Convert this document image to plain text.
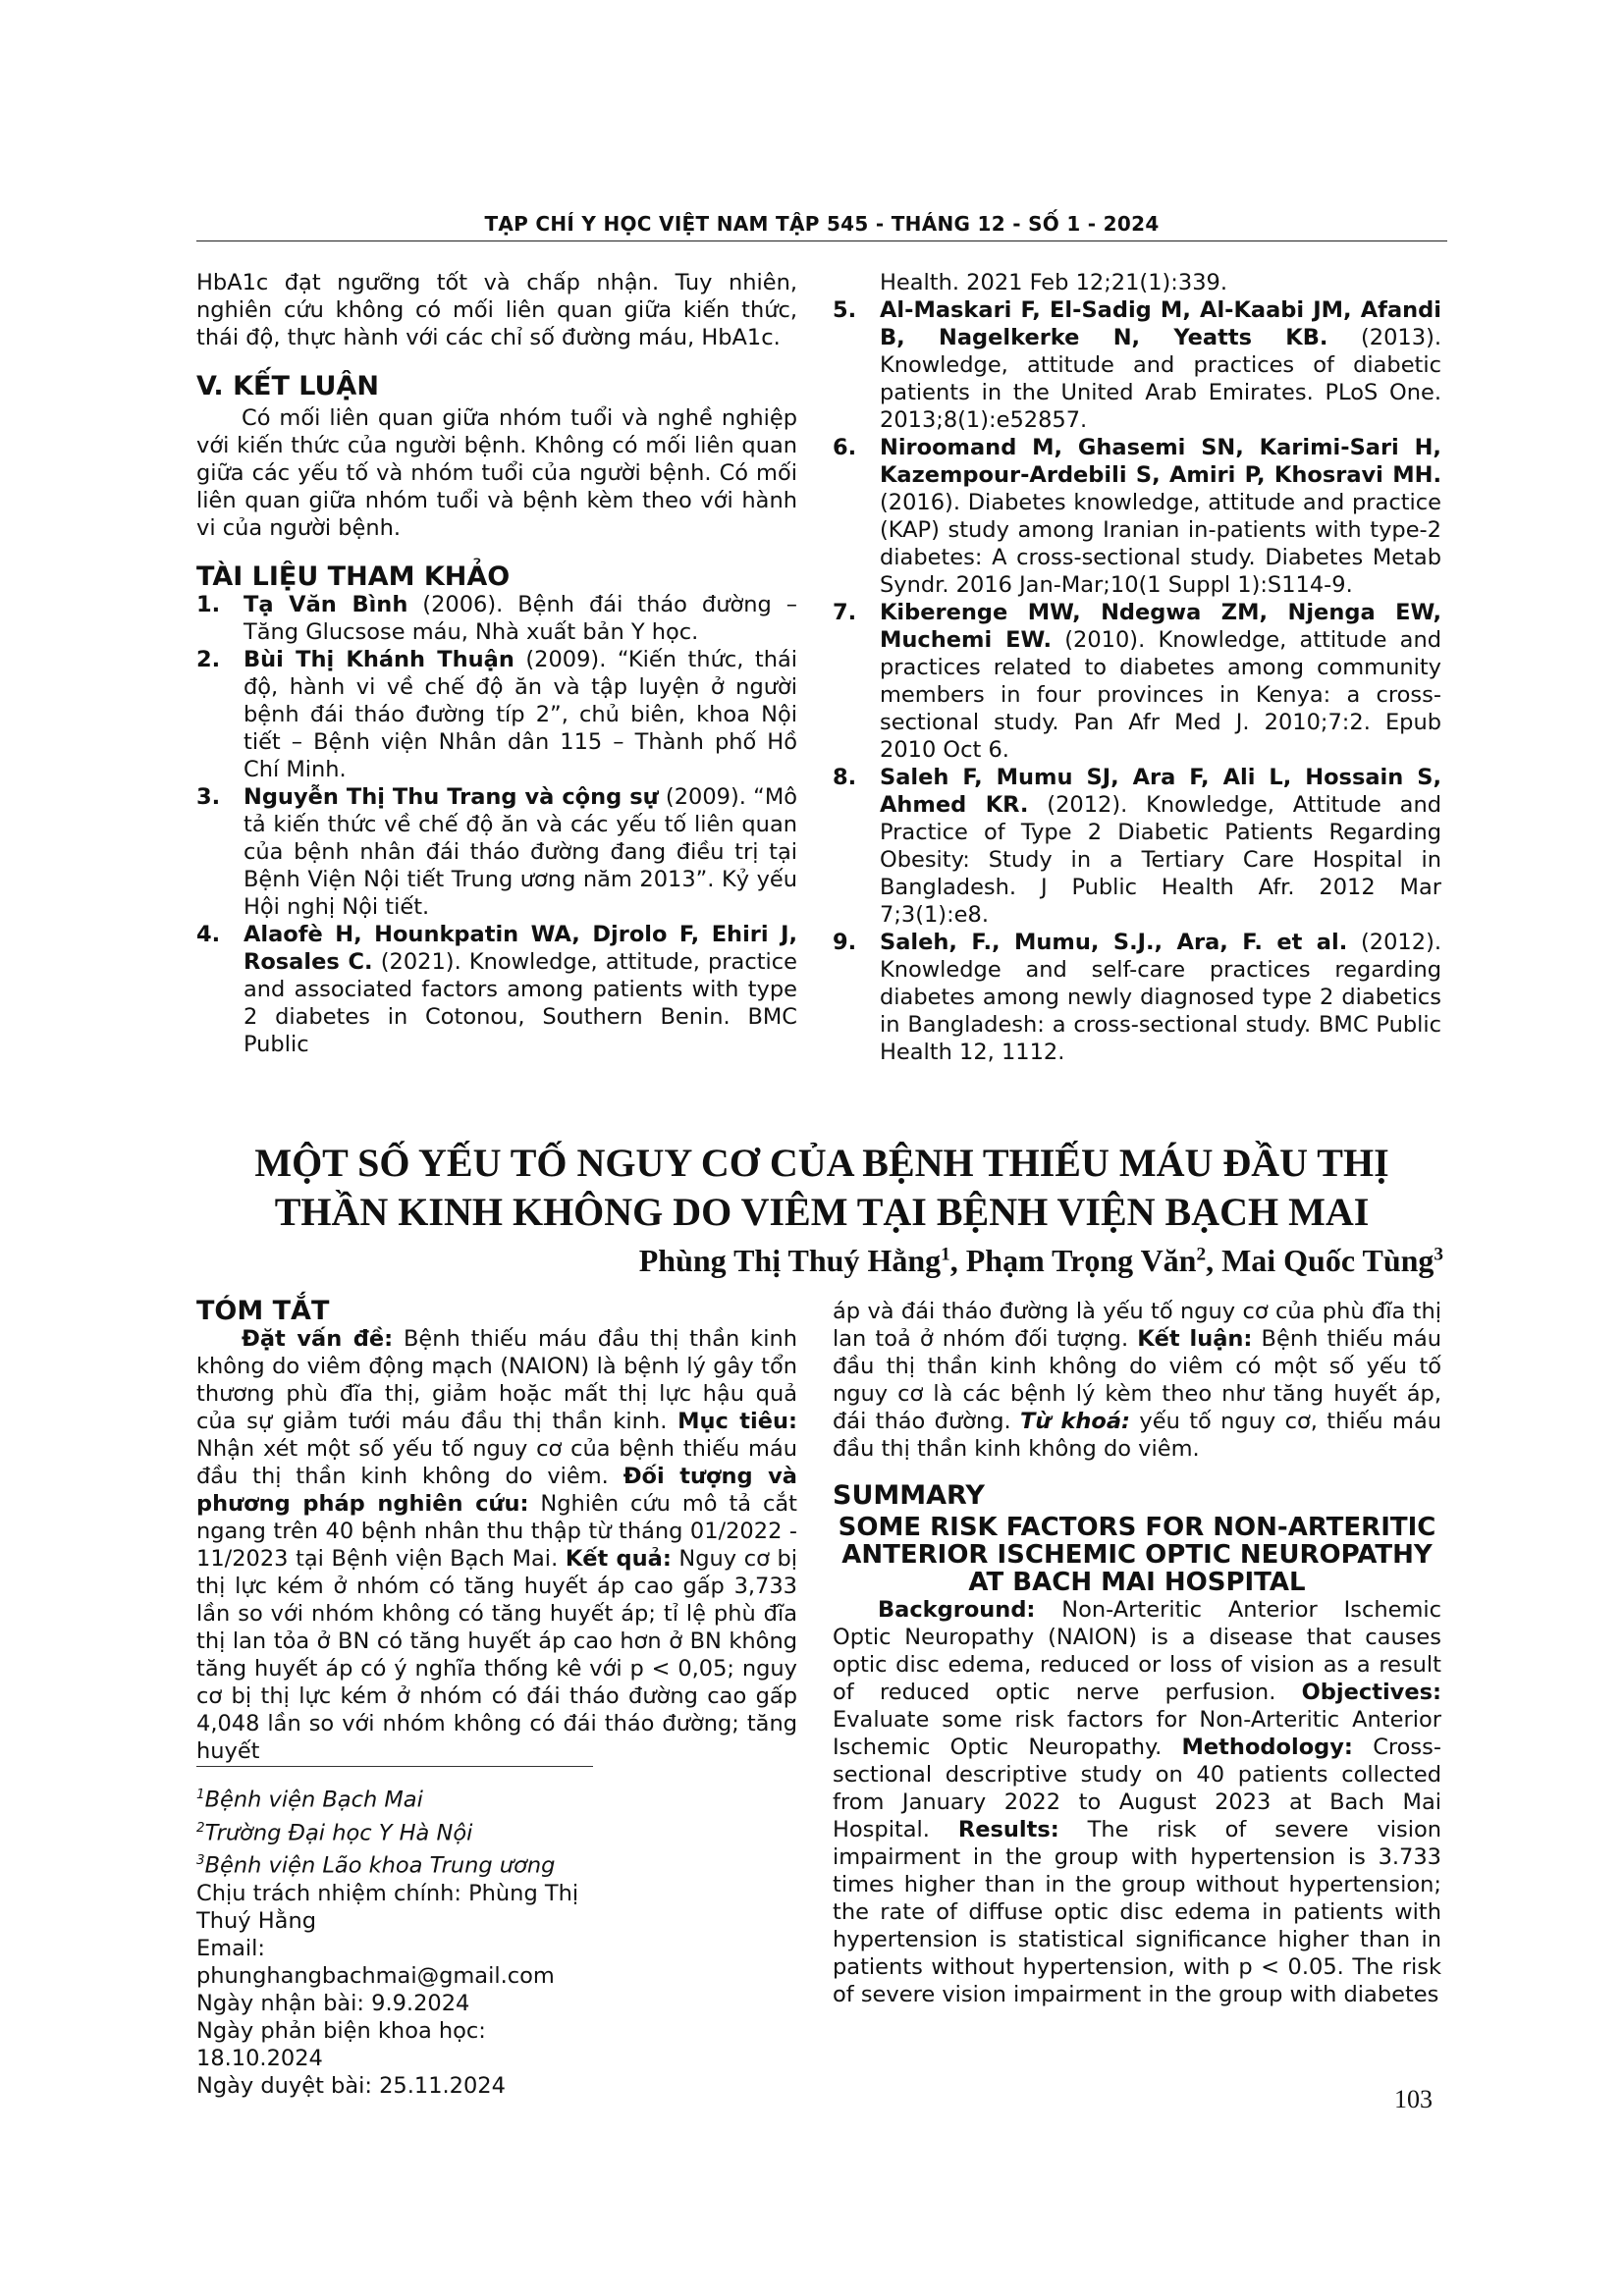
TẠP CHÍ Y HỌC VIỆT NAM TẬP 545 - THÁNG 12 - SỐ 1 - 2024

HbA1c đạt ngưỡng tốt và chấp nhận. Tuy nhiên, nghiên cứu không có mối liên quan giữa kiến thức, thái độ, thực hành với các chỉ số đường máu, HbA1c.

V. KẾT LUẬN

Có mối liên quan giữa nhóm tuổi và nghề nghiệp với kiến thức của người bệnh. Không có mối liên quan giữa các yếu tố và nhóm tuổi của người bệnh. Có mối liên quan giữa nhóm tuổi và bệnh kèm theo với hành vi của người bệnh.

TÀI LIỆU THAM KHẢO

1.	Tạ Văn Bình (2006). Bệnh đái tháo đường – Tăng Glucsose máu, Nhà xuất bản Y học.
2.	Bùi Thị Khánh Thuận (2009). “Kiến thức, thái độ, hành vi về chế độ ăn và tập luyện ở người bệnh đái tháo đường típ 2”, chủ biên, khoa Nội tiết – Bệnh viện Nhân dân 115 – Thành phố Hồ Chí Minh.
3.	Nguyễn Thị Thu Trang và cộng sự (2009). “Mô tả kiến thức về chế độ ăn và các yếu tố liên quan của bệnh nhân đái tháo đường đang điều trị tại Bệnh Viện Nội tiết Trung ương năm 2013”. Kỷ yếu Hội nghị Nội tiết.
4.	Alaofè H, Hounkpatin WA, Djrolo F, Ehiri J, Rosales C. (2021). Knowledge, attitude, practice and associated factors among patients with type 2 diabetes in Cotonou, Southern Benin. BMC Public
Health. 2021 Feb 12;21(1):339.
5.	Al-Maskari F, El-Sadig M, Al-Kaabi JM, Afandi B, Nagelkerke N, Yeatts KB. (2013). Knowledge, attitude and practices of diabetic patients in the United Arab Emirates. PLoS One. 2013;8(1):e52857.
6.	Niroomand M, Ghasemi SN, Karimi-Sari H, Kazempour-Ardebili S, Amiri P, Khosravi MH. (2016). Diabetes knowledge, attitude and practice (KAP) study among Iranian in-patients with type-2 diabetes: A cross-sectional study. Diabetes Metab Syndr. 2016 Jan-Mar;10(1 Suppl 1):S114-9.
7.	Kiberenge MW, Ndegwa ZM, Njenga EW, Muchemi EW. (2010). Knowledge, attitude and practices related to diabetes among community members in four provinces in Kenya: a cross-sectional study. Pan Afr Med J. 2010;7:2. Epub 2010 Oct 6.
8.	Saleh F, Mumu SJ, Ara F, Ali L, Hossain S, Ahmed KR. (2012). Knowledge, Attitude and Practice of Type 2 Diabetic Patients Regarding Obesity: Study in a Tertiary Care Hospital in Bangladesh. J Public Health Afr. 2012 Mar 7;3(1):e8.
9.	Saleh, F., Mumu, S.J., Ara, F. et al. (2012). Knowledge and self-care practices regarding diabetes among newly diagnosed type 2 diabetics in Bangladesh: a cross-sectional study. BMC Public Health 12, 1112.
MỘT SỐ YẾU TỐ NGUY CƠ CỦA BỆNH THIẾU MÁU ĐẦU THỊ
THẦN KINH KHÔNG DO VIÊM TẠI BỆNH VIỆN BẠCH MAI
Phùng Thị Thuý Hằng$^1$, Phạm Trọng Văn$^2$, Mai Quốc Tùng$^3$

TÓM TẮT

Đặt vấn đề: Bệnh thiếu máu đầu thị thần kinh không do viêm động mạch (NAION) là bệnh lý gây tổn thương phù đĩa thị, giảm hoặc mất thị lực hậu quả của sự giảm tưới máu đầu thị thần kinh. Mục tiêu: Nhận xét một số yếu tố nguy cơ của bệnh thiếu máu đầu thị thần kinh không do viêm. Đối tượng và phương pháp nghiên cứu: Nghiên cứu mô tả cắt ngang trên 40 bệnh nhân thu thập từ tháng 01/2022 - 11/2023 tại Bệnh viện Bạch Mai. Kết quả: Nguy cơ bị thị lực kém ở nhóm có tăng huyết áp cao gấp 3,733 lần so với nhóm không có tăng huyết áp; tỉ lệ phù đĩa thị lan tỏa ở BN có tăng huyết áp cao hơn ở BN không tăng huyết áp có ý nghĩa thống kê với p < 0,05; nguy cơ bị thị lực kém ở nhóm có đái tháo đường cao gấp 4,048 lần so với nhóm không có đái tháo đường; tăng huyết

$^1$Bệnh viện Bạch Mai
$^2$Trường Đại học Y Hà Nội
$^3$Bệnh viện Lão khoa Trung ương
Chịu trách nhiệm chính: Phùng Thị Thuý Hằng
Email: phunghangbachmai@gmail.com
Ngày nhận bài: 9.9.2024
Ngày phản biện khoa học: 18.10.2024
Ngày duyệt bài: 25.11.2024

áp và đái tháo đường là yếu tố nguy cơ của phù đĩa thị lan toả ở nhóm đối tượng. Kết luận: Bệnh thiếu máu đầu thị thần kinh không do viêm có một số yếu tố nguy cơ là các bệnh lý kèm theo như tăng huyết áp, đái tháo đường. Từ khoá: yếu tố nguy cơ, thiếu máu đầu thị thần kinh không do viêm.

SUMMARY

SOME RISK FACTORS FOR NON-ARTERITIC ANTERIOR ISCHEMIC OPTIC NEUROPATHY AT BACH MAI HOSPITAL

Background: Non-Arteritic Anterior Ischemic Optic Neuropathy (NAION) is a disease that causes optic disc edema, reduced or loss of vision as a result of reduced optic nerve perfusion. Objectives: Evaluate some risk factors for Non-Arteritic Anterior Ischemic Optic Neuropathy. Methodology: Cross-sectional descriptive study on 40 patients collected from January 2022 to August 2023 at Bach Mai Hospital. Results: The risk of severe vision impairment in the group with hypertension is 3.733 times higher than in the group without hypertension; the rate of diffuse optic disc edema in patients with hypertension is statistical significance higher than in patients without hypertension, with p < 0.05. The risk of severe vision impairment in the group with diabetes

103
